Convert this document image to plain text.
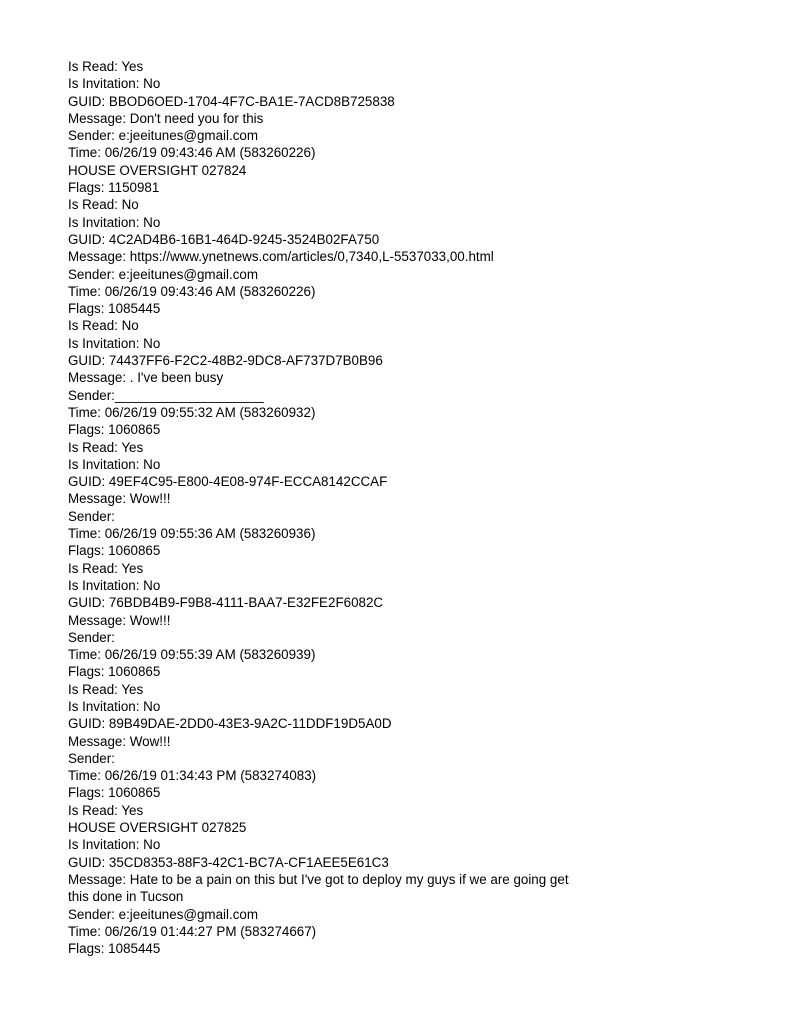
Is Read: Yes
Is Invitation: No
GUID: BBOD6OED-1704-4F7C-BA1E-7ACD8B725838
Message: Don't need you for this
Sender: e:jeeitunes@gmail.com
Time: 06/26/19 09:43:46 AM (583260226)
HOUSE OVERSIGHT 027824
Flags: 1150981
Is Read: No
Is Invitation: No
GUID: 4C2AD4B6-16B1-464D-9245-3524B02FA750
Message: https://www.ynetnews.com/articles/0,7340,L-5537033,00.html
Sender: e:jeeitunes@gmail.com
Time: 06/26/19 09:43:46 AM (583260226)
Flags: 1085445
Is Read: No
Is Invitation: No
GUID: 74437FF6-F2C2-48B2-9DC8-AF737D7B0B96
Message: . I've been busy
Sender:____________________
Time: 06/26/19 09:55:32 AM (583260932)
Flags: 1060865
Is Read: Yes
Is Invitation: No
GUID: 49EF4C95-E800-4E08-974F-ECCA8142CCAF
Message: Wow!!!
Sender:
Time: 06/26/19 09:55:36 AM (583260936)
Flags: 1060865
Is Read: Yes
Is Invitation: No
GUID: 76BDB4B9-F9B8-4111-BAA7-E32FE2F6082C
Message: Wow!!!
Sender:
Time: 06/26/19 09:55:39 AM (583260939)
Flags: 1060865
Is Read: Yes
Is Invitation: No
GUID: 89B49DAE-2DD0-43E3-9A2C-11DDF19D5A0D
Message: Wow!!!
Sender:
Time: 06/26/19 01:34:43 PM (583274083)
Flags: 1060865
Is Read: Yes
HOUSE OVERSIGHT 027825
Is Invitation: No
GUID: 35CD8353-88F3-42C1-BC7A-CF1AEE5E61C3
Message: Hate to be a pain on this but I've got to deploy my guys if we are going get
this done in Tucson
Sender: e:jeeitunes@gmail.com
Time: 06/26/19 01:44:27 PM (583274667)
Flags: 1085445
